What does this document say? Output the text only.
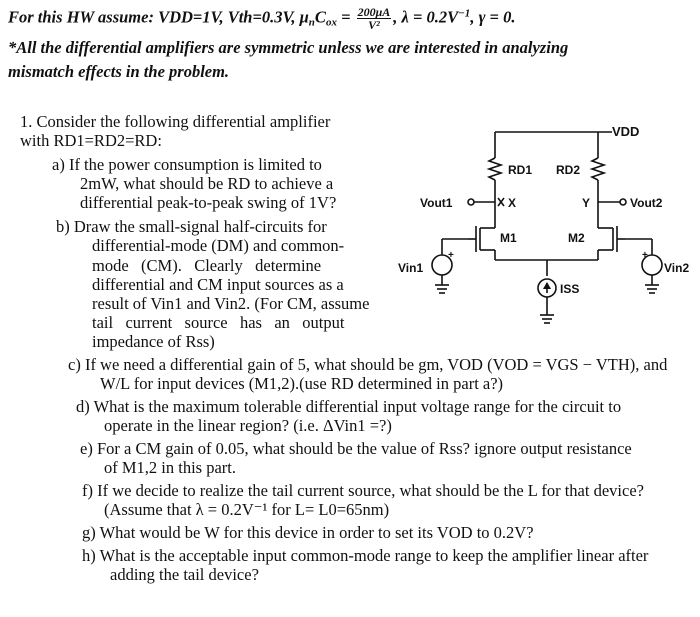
For this HW assume: VDD=1V, Vth=0.3V, $\mu_nC_{ox} = \frac{200\mu A}{\text{V²}}$ , $\lambda = 0.2V^{-1}$, γ = 0.
*All the differential amplifiers are symmetric unless we are interested in analyzing
mismatch effects in the problem.
1. Consider the following differential amplifier
with RD1=RD2=RD:
a) If the power consumption is limited to
2mW, what should be RD to achieve a
differential peak-to-peak swing of 1V?
b) Draw the small-signal half-circuits for
differential-mode (DM) and common-
mode   (CM).   Clearly   determine
differential and CM input sources as a
result of Vin1 and Vin2. (For CM, assume
tail   current   source   has   an   output
impedance of Rss)
c) If we need a differential gain of 5, what should be gm, VOD (VOD = VGS − VTH), and
W/L for input devices (M1,2).(use RD determined in part a?)
d) What is the maximum tolerable differential input voltage range for the circuit to
operate in the linear region? (i.e. ΔVin1 =?)
e) For a CM gain of 0.05, what should be the value of Rss? ignore output resistance
of M1,2 in this part.
f) If we decide to realize the tail current source, what should be the L for that device?
(Assume that λ = 0.2V⁻¹ for L= L0=65nm)
g) What would be W for this device in order to set its VOD to 0.2V?
h) What is the acceptable input common-mode range to keep the amplifier linear after
adding the tail device?
VDD
RD1 RD2
X	Y
Vout1	Vout2
M1	M2
Vin1	Vin2
ISS
+	+
